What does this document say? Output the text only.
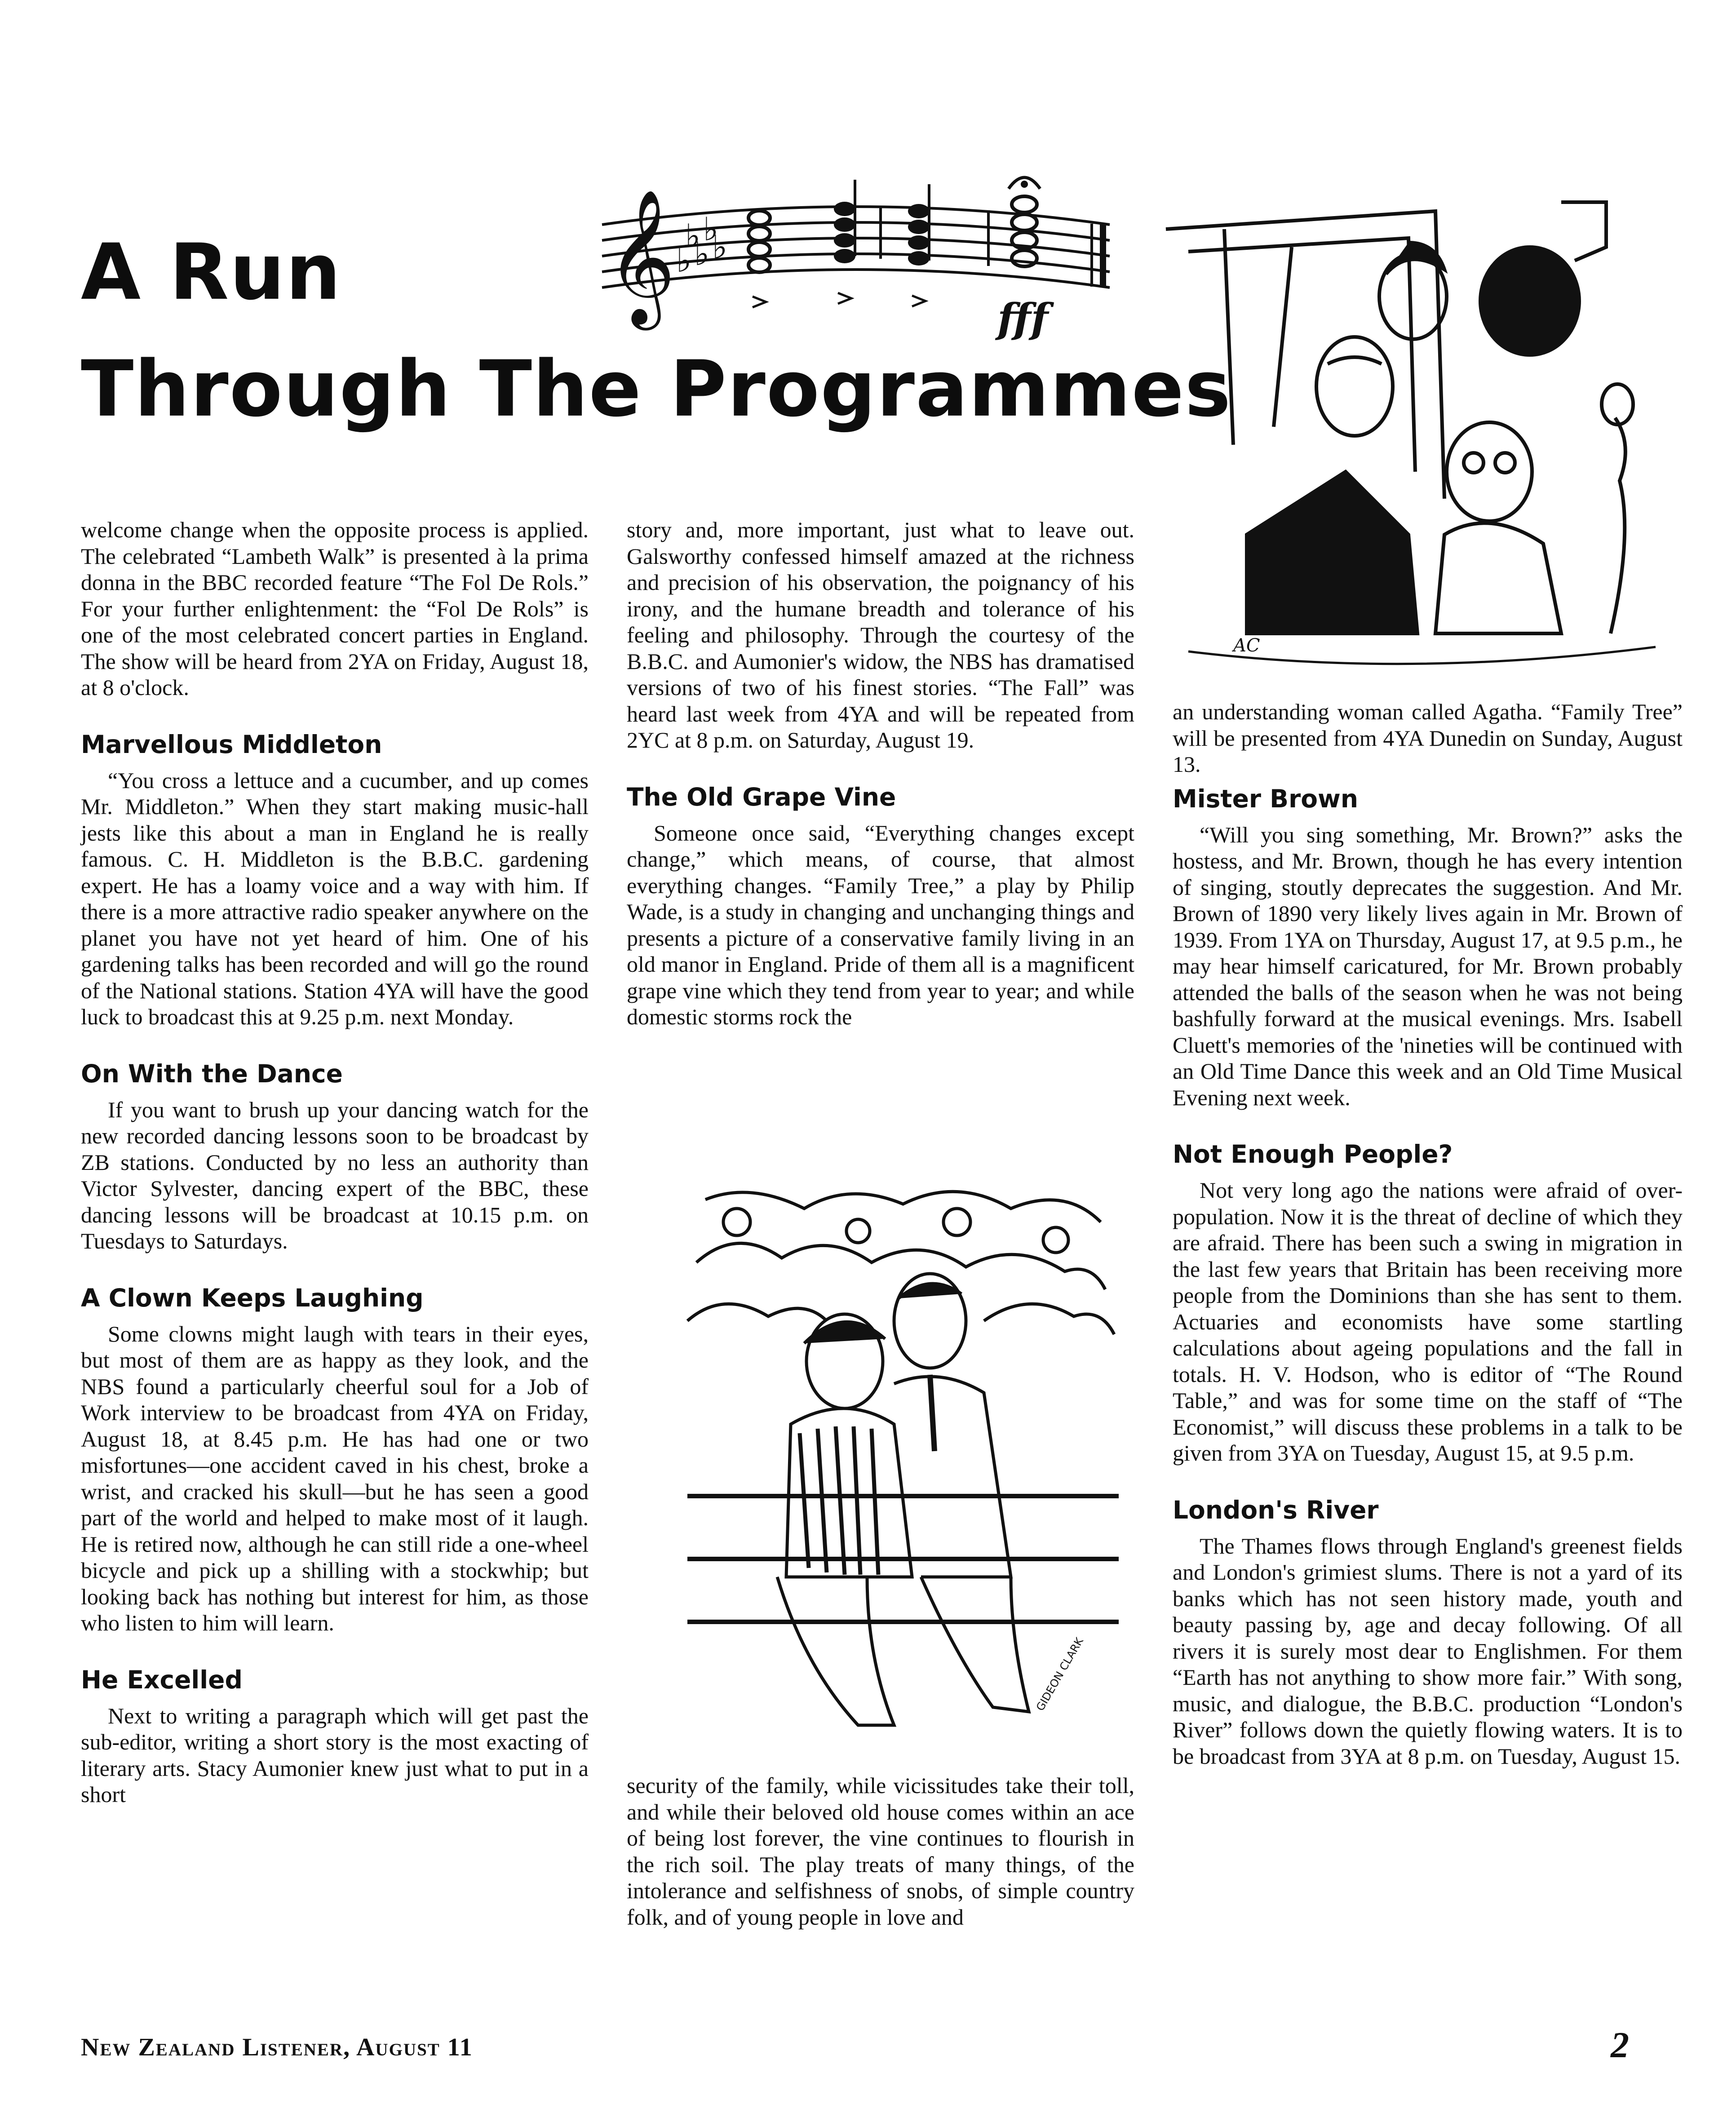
A Run
Through The Programmes
𝄞 ♭ ♭
♭ ♭ ♭
fff
AC
GIDEON CLARK

welcome change when the opposite process is applied. The celebrated “Lambeth Walk” is presented à la prima donna in the BBC recorded feature “The Fol De Rols.” For your further enlightenment: the “Fol De Rols” is one of the most celebrated concert parties in England. The show will be heard from 2YA on Friday, August 18, at 8 o'clock.

Marvellous Middleton

“You cross a lettuce and a cucumber, and up comes Mr. Middleton.” When they start making music-hall jests like this about a man in England he is really famous. C. H. Middleton is the B.B.C. gardening expert. He has a loamy voice and a way with him. If there is a more attractive radio speaker anywhere on the planet you have not yet heard of him. One of his gardening talks has been recorded and will go the round of the National stations. Station 4YA will have the good luck to broadcast this at 9.25 p.m. next Monday.

On With the Dance

If you want to brush up your dancing watch for the new recorded dancing lessons soon to be broadcast by ZB stations. Conducted by no less an authority than Victor Sylvester, dancing expert of the BBC, these dancing lessons will be broadcast at 10.15 p.m. on Tuesdays to Saturdays.

A Clown Keeps Laughing

Some clowns might laugh with tears in their eyes, but most of them are as happy as they look, and the NBS found a particularly cheerful soul for a Job of Work interview to be broadcast from 4YA on Friday, August 18, at 8.45 p.m. He has had one or two misfortunes—one accident caved in his chest, broke a wrist, and cracked his skull—but he has seen a good part of the world and helped to make most of it laugh. He is retired now, although he can still ride a one-wheel bicycle and pick up a shilling with a stockwhip; but looking back has nothing but interest for him, as those who listen to him will learn.

He Excelled

Next to writing a paragraph which will get past the sub-editor, writing a short story is the most exacting of literary arts. Stacy Aumonier knew just what to put in a short

story and, more important, just what to leave out. Galsworthy confessed himself amazed at the richness and precision of his observation, the poignancy of his irony, and the humane breadth and tolerance of his feeling and philosophy. Through the courtesy of the B.B.C. and Aumonier's widow, the NBS has dramatised versions of two of his finest stories. “The Fall” was heard last week from 4YA and will be repeated from 2YC at 8 p.m. on Saturday, August 19.

The Old Grape Vine

Someone once said, “Everything changes except change,” which means, of course, that almost everything changes. “Family Tree,” a play by Philip Wade, is a study in changing and unchanging things and presents a picture of a conservative family living in an old manor in England. Pride of them all is a magnificent grape vine which they tend from year to year; and while domestic storms rock the

security of the family, while vicissitudes take their toll, and while their beloved old house comes within an ace of being lost forever, the vine continues to flourish in the rich soil. The play treats of many things, of the intolerance and selfishness of snobs, of simple country folk, and of young people in love and

an understanding woman called Agatha. “Family Tree” will be presented from 4YA Dunedin on Sunday, August 13.

Mister Brown

“Will you sing something, Mr. Brown?” asks the hostess, and Mr. Brown, though he has every intention of singing, stoutly deprecates the suggestion. And Mr. Brown of 1890 very likely lives again in Mr. Brown of 1939. From 1YA on Thursday, August 17, at 9.5 p.m., he may hear himself caricatured, for Mr. Brown probably attended the balls of the season when he was not being bashfully forward at the musical evenings. Mrs. Isabell Cluett's memories of the 'nineties will be continued with an Old Time Dance this week and an Old Time Musical Evening next week.

Not Enough People?

Not very long ago the nations were afraid of over-population. Now it is the threat of decline of which they are afraid. There has been such a swing in migration in the last few years that Britain has been receiving more people from the Dominions than she has sent to them. Actuaries and economists have some startling calculations about ageing populations and the fall in totals. H. V. Hodson, who is editor of “The Round Table,” and was for some time on the staff of “The Economist,” will discuss these problems in a talk to be given from 3YA on Tuesday, August 15, at 9.5 p.m.

London's River

The Thames flows through England's greenest fields and London's grimiest slums. There is not a yard of its banks which has not seen history made, youth and beauty passing by, age and decay following. Of all rivers it is surely most dear to Englishmen. For them “Earth has not anything to show more fair.” With song, music, and dialogue, the B.B.C. production “London's River” follows down the quietly flowing waters. It is to be broadcast from 3YA at 8 p.m. on Tuesday, August 15.

New Zealand Listener, August 11	2
